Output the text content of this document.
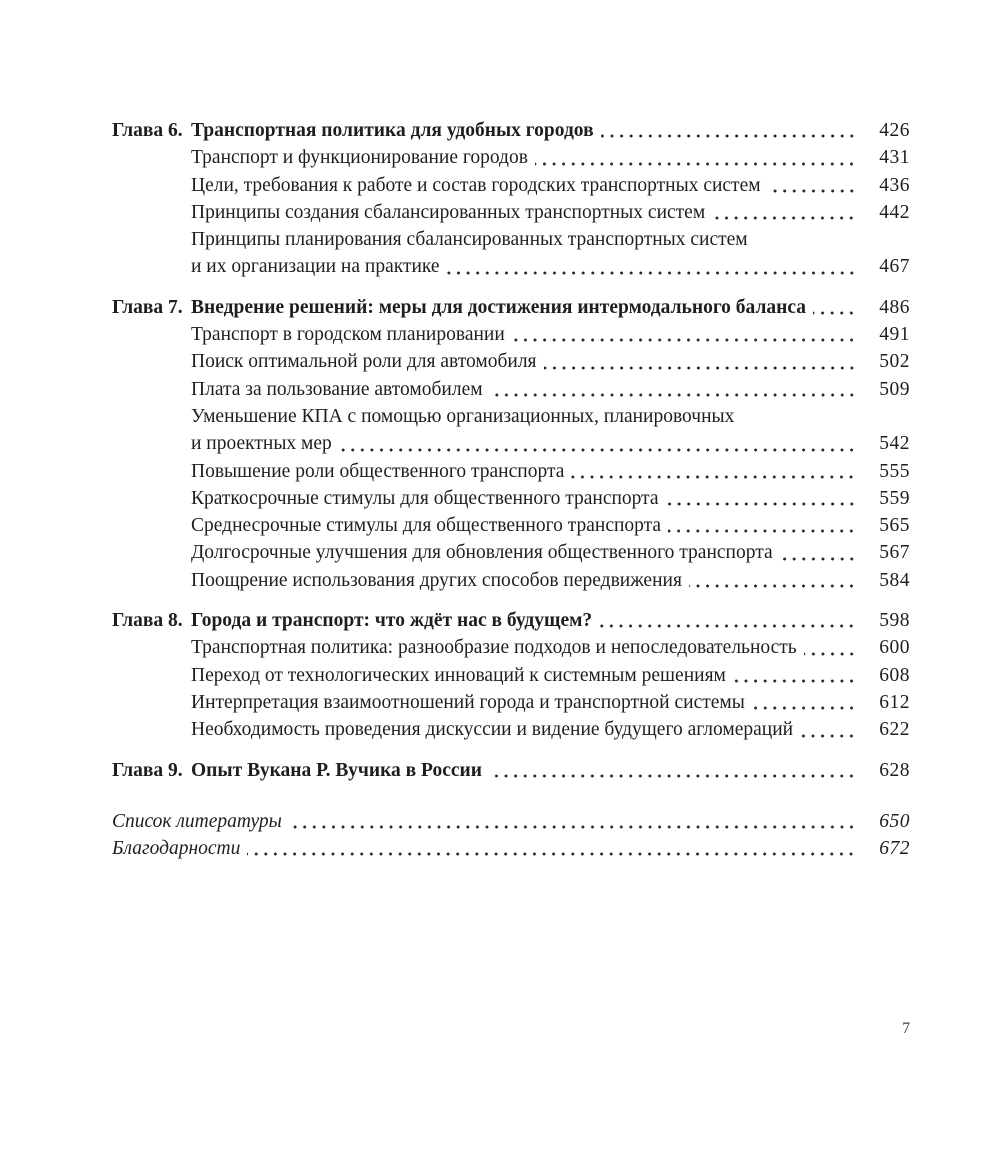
Глава 6. Транспортная политика для удобных городов	426
Транспорт и функционирование городов	431
Цели, требования к работе и состав городских транспортных систем	436
Принципы создания сбалансированных транспортных систем	442
Принципы планирования сбалансированных транспортных систем
и их организации на практике	467
Глава 7. Внедрение решений: меры для достижения интермодального баланса	486
Транспорт в городском планировании	491
Поиск оптимальной роли для автомобиля	502
Плата за пользование автомобилем	509
Уменьшение КПА с помощью организационных, планировочных
и проектных мер	542
Повышение роли общественного транспорта	555
Краткосрочные стимулы для общественного транспорта	559
Среднесрочные стимулы для общественного транспорта	565
Долгосрочные улучшения для обновления общественного транспорта	567
Поощрение использования других способов передвижения	584
Глава 8. Города и транспорт: что ждёт нас в будущем?	598
Транспортная политика: разнообразие подходов и непоследовательность	600
Переход от технологических инноваций к системным решениям	608
Интерпретация взаимоотношений города и транспортной системы	612
Необходимость проведения дискуссии и видение будущего агломераций	622
Глава 9. Опыт Вукана Р. Вучика в России	628
Список литературы	650
Благодарности	672
7
